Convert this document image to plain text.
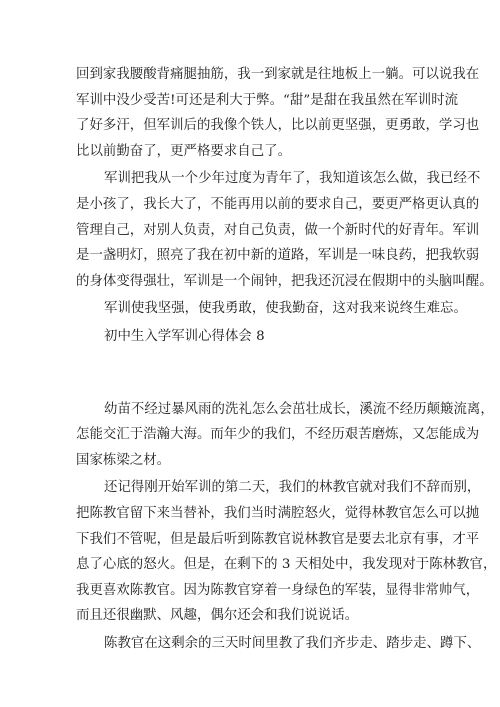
回到家我腰酸背痛腿抽筋，我一到家就是往地板上一躺。可以说我在
军训中没少受苦!可还是利大于弊。“甜”是甜在我虽然在军训时流
了好多汗，但军训后的我像个铁人，比以前更坚强，更勇敢，学习也
比以前勤奋了，更严格要求自己了。
军训把我从一个少年过度为青年了，我知道该怎么做，我已经不
是小孩了，我长大了，不能再用以前的要求自己，要更严格更认真的
管理自己，对别人负责，对自己负责，做一个新时代的好青年。军训
是一盏明灯，照亮了我在初中新的道路，军训是一味良药，把我软弱
的身体变得强壮，军训是一个闹钟，把我还沉浸在假期中的头脑叫醒。
军训使我坚强，使我勇敢，使我勤奋，这对我来说终生难忘。
初中生入学军训心得体会 8
幼苗不经过暴风雨的洗礼怎么会茁壮成长，溪流不经历颠簸流离，
怎能交汇于浩瀚大海。而年少的我们，不经历艰苦磨炼，又怎能成为
国家栋梁之材。
还记得刚开始军训的第二天，我们的林教官就对我们不辞而别，
把陈教官留下来当替补，我们当时满腔怒火，觉得林教官怎么可以抛
下我们不管呢，但是最后听到陈教官说林教官是要去北京有事，才平
息了心底的怒火。但是，在剩下的 3 天相处中，我发现对于陈林教官，
我更喜欢陈教官。因为陈教官穿着一身绿色的军装，显得非常帅气，
而且还很幽默、风趣，偶尔还会和我们说说话。
陈教官在这剩余的三天时间里教了我们齐步走、踏步走、蹲下、
